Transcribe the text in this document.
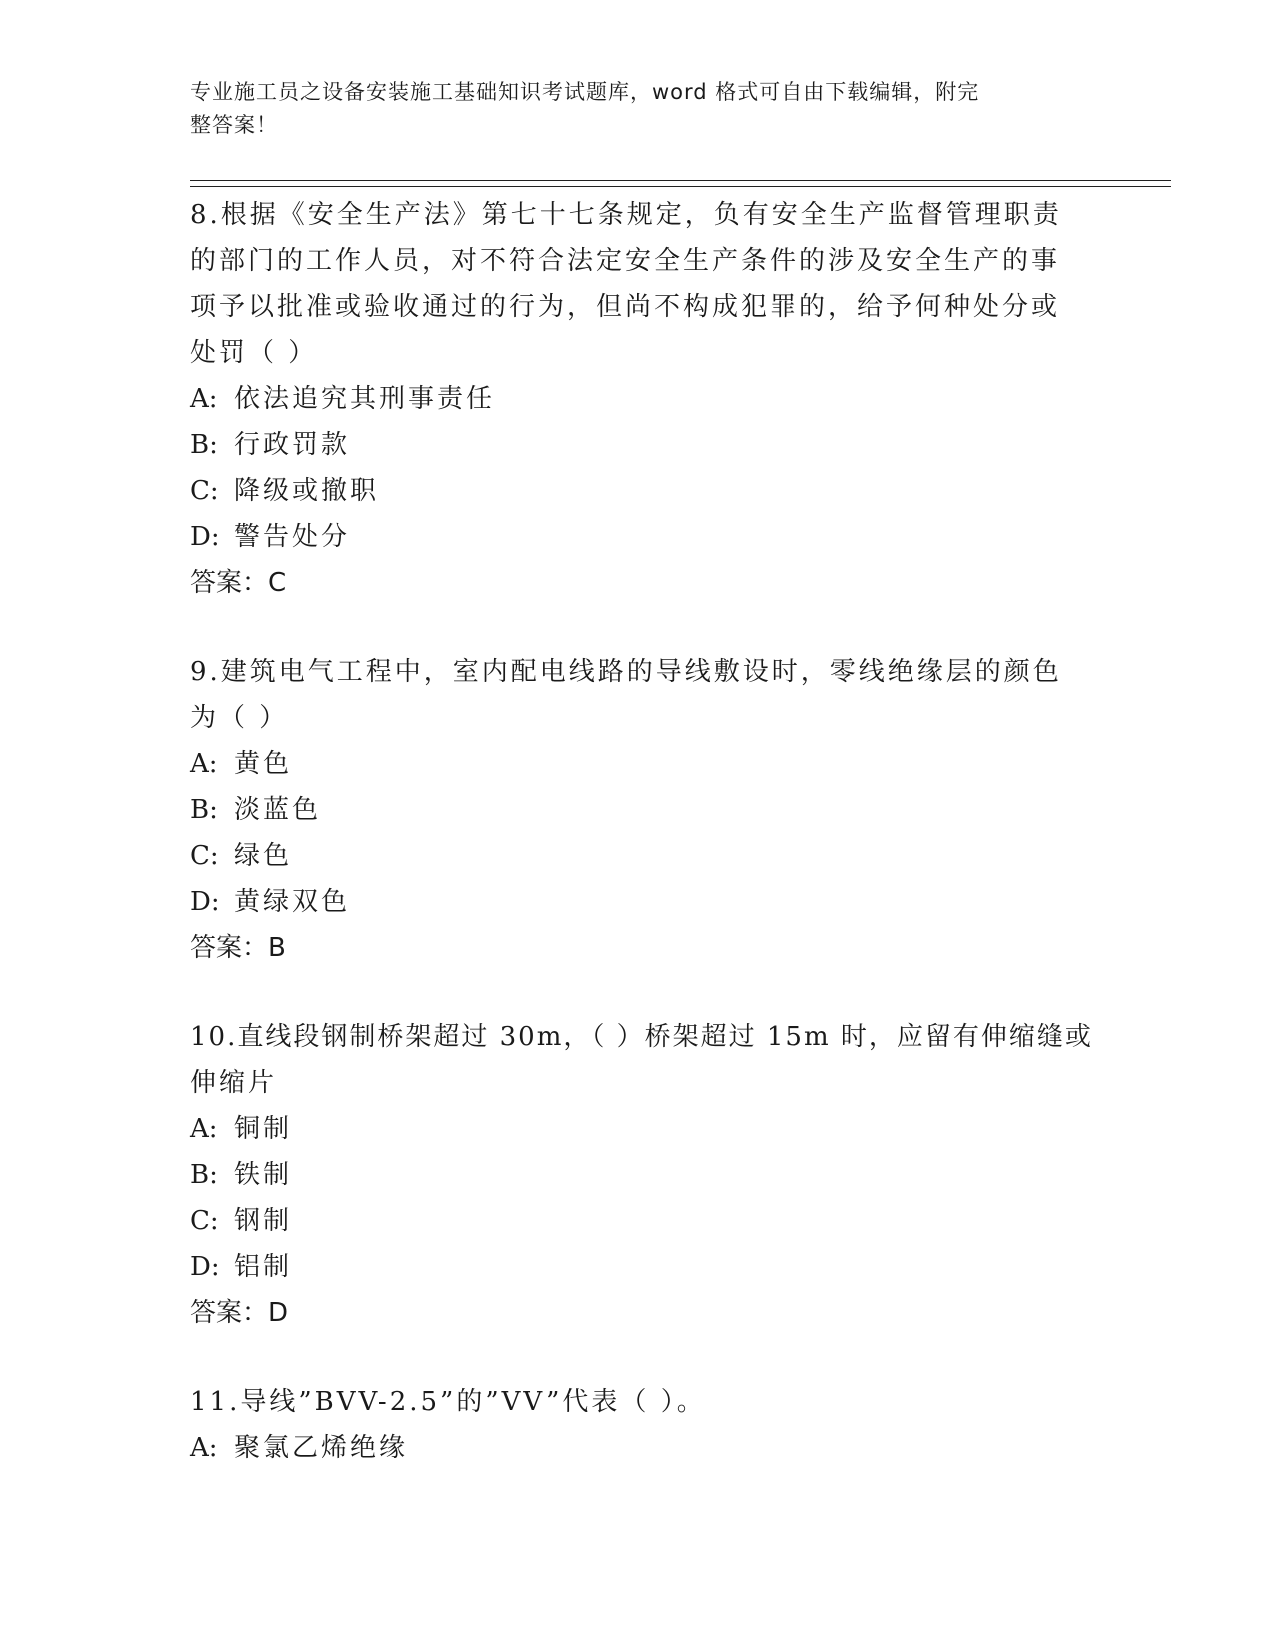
专业施工员之设备安装施工基础知识考试题库，word 格式可自由下载编辑，附完
整答案！

8.根据《安全生产法》第七十七条规定，负有安全生产监督管理职责

的部门的工作人员，对不符合法定安全生产条件的涉及安全生产的事

项予以批准或验收通过的行为，但尚不构成犯罪的，给予何种处分或

处罚（ ）

A: 依法追究其刑事责任

B: 行政罚款

C: 降级或撤职

D: 警告处分

答案：C

9.建筑电气工程中，室内配电线路的导线敷设时，零线绝缘层的颜色

为（ ）

A: 黄色

B: 淡蓝色

C: 绿色

D: 黄绿双色

答案：B

10.直线段钢制桥架超过 30m，（ ）桥架超过 15m 时，应留有伸缩缝或

伸缩片

A: 铜制

B: 铁制

C: 钢制

D: 铝制

答案：D

11.导线”BVV-2.5”的”VV”代表（ ）。

A: 聚氯乙烯绝缘
